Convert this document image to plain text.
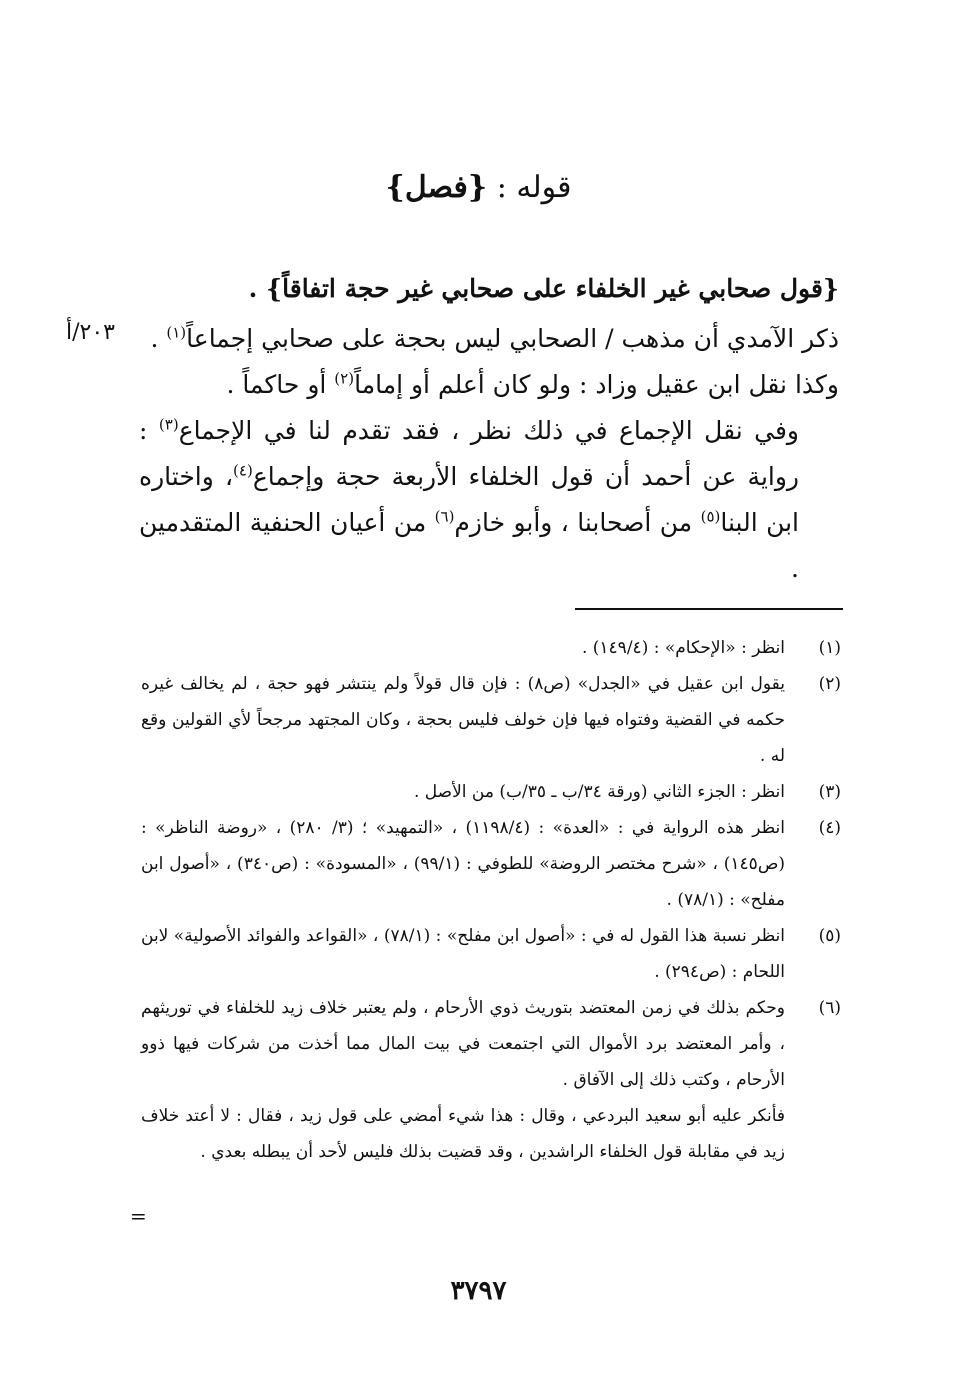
قوله : {فصل}
٢٠٣/أ

{قول صحابي غير الخلفاء على صحابي غير حجة اتفاقاً} .

ذكر الآمدي أن مذهب / الصحابي ليس بحجة على صحابي إجماعاً$^{(١)}$ .

وكذا نقل ابن عقيل وزاد : ولو كان أعلم أو إماماً$^{(٢)}$ أو حاكماً .

وفي نقل الإجماع في ذلك نظر ، فقد تقدم لنا في الإجماع$^{(٣)}$ : رواية عن أحمد أن قول الخلفاء الأربعة حجة وإجماع$^{(٤)}$، واختاره ابن البنا$^{(٥)}$ من أصحابنا ، وأبو خازم$^{(٦)}$ من أعيان الحنفية المتقدمين .

(١)
انظر : «الإحكام» : (١٤٩/٤) .
(٢)
يقول ابن عقيل في «الجدل» (ص٨) : فإن قال قولاً ولم ينتشر فهو حجة ، لم يخالف غيره حكمه في القضية وفتواه فيها فإن خولف فليس بحجة ، وكان المجتهد مرجحاً لأي القولين وقع له .
(٣)
انظر : الجزء الثاني (ورقة ٣٤/ب ـ ٣٥/ب) من الأصل .
(٤)
انظر هذه الرواية في : «العدة» : (١١٩٨/٤) ، «التمهيد» ؛ (٣/ ٢٨٠) ، «روضة الناظر» : (ص١٤٥) ، «شرح مختصر الروضة» للطوفي : (٩٩/١) ، «المسودة» : (ص٣٤٠) ، «أصول ابن مفلح» : (٧٨/١) .
(٥)
انظر نسبة هذا القول له في : «أصول ابن مفلح» : (٧٨/١) ، «القواعد والفوائد الأصولية» لابن اللحام : (ص٢٩٤) .
(٦)
وحكم بذلك في زمن المعتضد بتوريث ذوي الأرحام ، ولم يعتبر خلاف زيد للخلفاء في توريثهم ، وأمر المعتضد برد الأموال التي اجتمعت في بيت المال مما أخذت من شركات فيها ذوو الأرحام ، وكتب ذلك إلى الآفاق .
فأنكر عليه أبو سعيد البردعي ، وقال : هذا شيء أمضي على قول زيد ، فقال : لا أعتد خلاف زيد في مقابلة قول الخلفاء الراشدين ، وقد قضيت بذلك فليس لأحد أن يبطله بعدي .
=
٣٧٩٧
